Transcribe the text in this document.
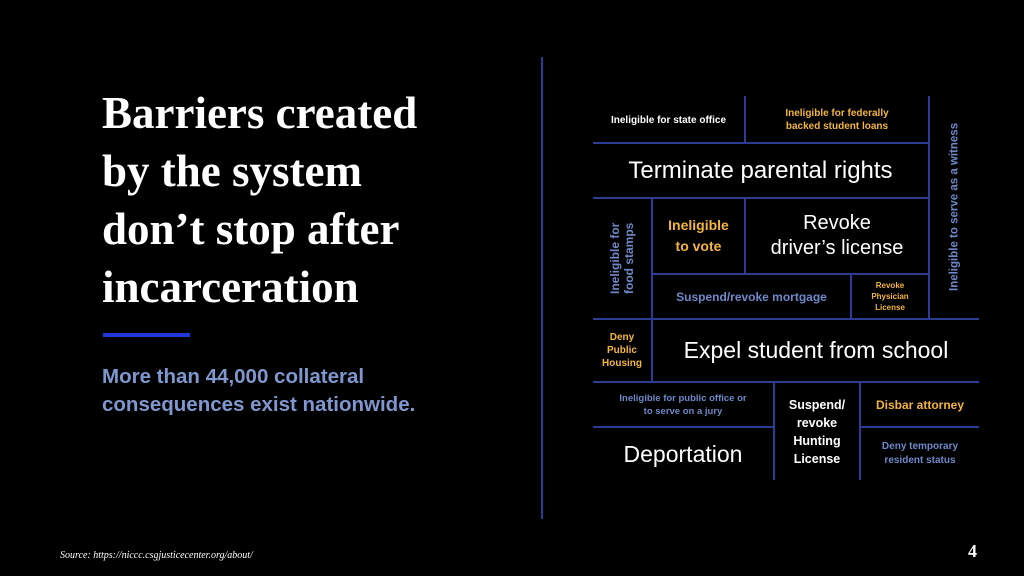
Barriers created
by the system
don’t stop after
incarceration
More than 44,000 collateral
consequences exist nationwide.
Source: https://niccc.csgjusticecenter.org/about/	4
Ineligible for state office
Ineligible for federally
backed student loans	Ineligible to serve as a witness
Terminate parental rights
Ineligible for
food stamps	Ineligible
to vote
Revoke
driver’s license
Suspend/revoke mortgage
Revoke
Physician
License
Deny
Public
Housing
Expel student from school
Ineligible for public office or
to serve on a jury	Suspend/
revoke
Hunting
License
Disbar attorney
Deportation	Deny temporary
resident status
